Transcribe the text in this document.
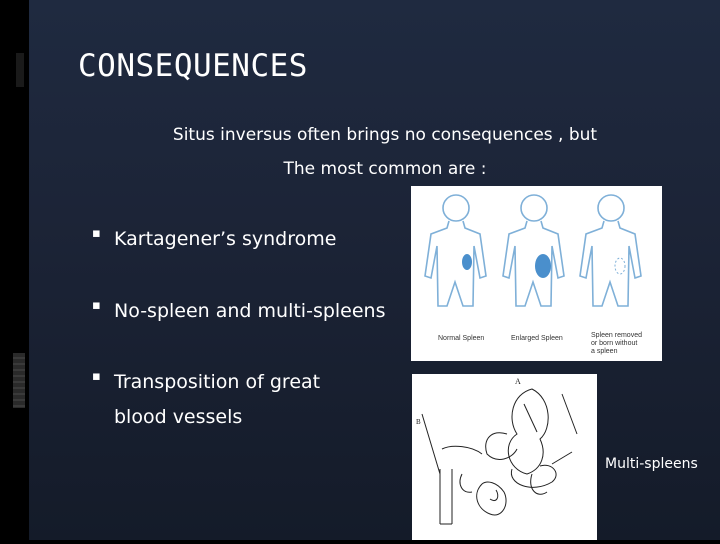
CONSEQUENCES
Situs inversus often brings no consequences , but
The most common are :
▪ Kartagener’s syndrome
▪ No-spleen and multi-spleens
▪ Transposition of great blood vessels
Normal Spleen	Enlarged Spleen	Spleen removed
or born without
a spleen
A
B
Multi-spleens
